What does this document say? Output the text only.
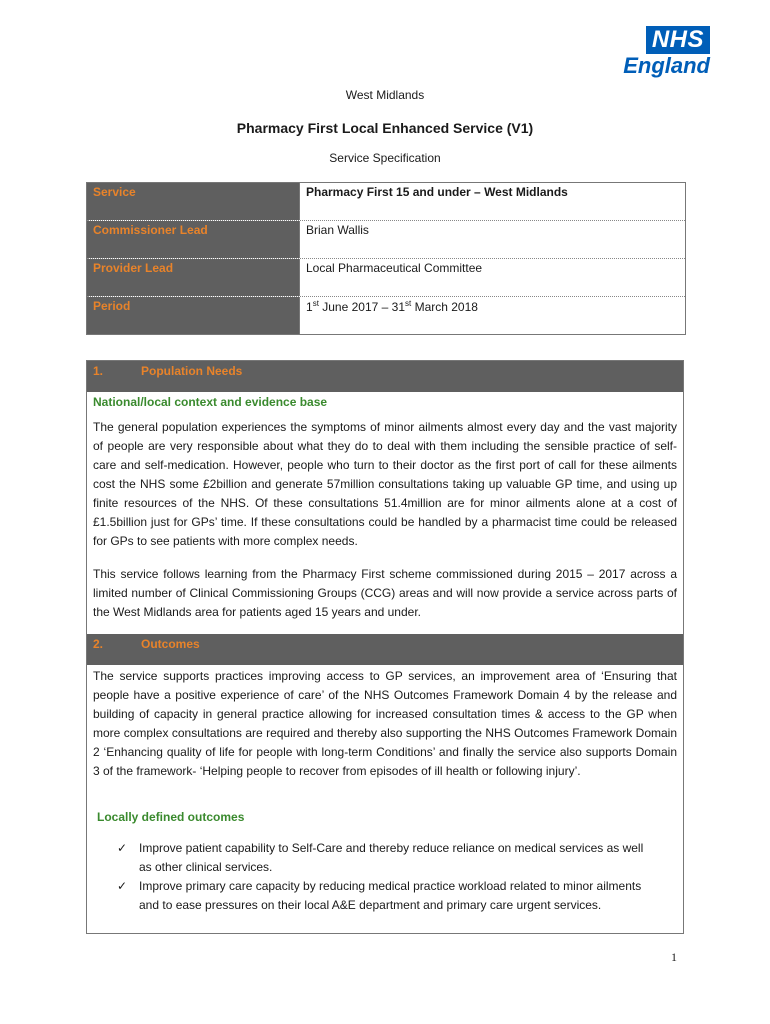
NHS
England
West Midlands
Pharmacy First Local Enhanced Service (V1)
Service Specification
Service	Pharmacy First 15 and under – West Midlands
Commissioner Lead	Brian Wallis
Provider Lead	Local Pharmaceutical Committee
Period	1st June 2017 – 31st March 2018
1.	Population Needs
National/local context and evidence base
The general population experiences the symptoms of minor ailments almost every day and the vast majority of people are very responsible about what they do to deal with them including the sensible practice of self-care and self-medication. However, people who turn to their doctor as the first port of call for these ailments cost the NHS some £2billion and generate 57million consultations taking up valuable GP time, and using up finite resources of the NHS. Of these consultations 51.4million are for minor ailments alone at a cost of £1.5billion just for GPs’ time. If these consultations could be handled by a pharmacist time could be released for GPs to see patients with more complex needs.
This service follows learning from the Pharmacy First scheme commissioned during 2015 – 2017 across a limited number of Clinical Commissioning Groups (CCG) areas and will now provide a service across parts of the West Midlands area for patients aged 15 years and under.
2.	Outcomes
The service supports practices improving access to GP services, an improvement area of ‘Ensuring that people have a positive experience of care’ of the NHS Outcomes Framework Domain 4 by the release and building of capacity in general practice allowing for increased consultation times & access to the GP when more complex consultations are required and thereby also supporting the NHS Outcomes Framework Domain 2 ‘Enhancing quality of life for people with long-term Conditions’ and finally the service also supports Domain 3 of the framework- ‘Helping people to recover from episodes of ill health or following injury’.
Locally defined outcomes
✓ Improve patient capability to Self-Care and thereby reduce reliance on medical services as well as other clinical services.
✓ Improve primary care capacity by reducing medical practice workload related to minor ailments and to ease pressures on their local A&E department and primary care urgent services.
1
